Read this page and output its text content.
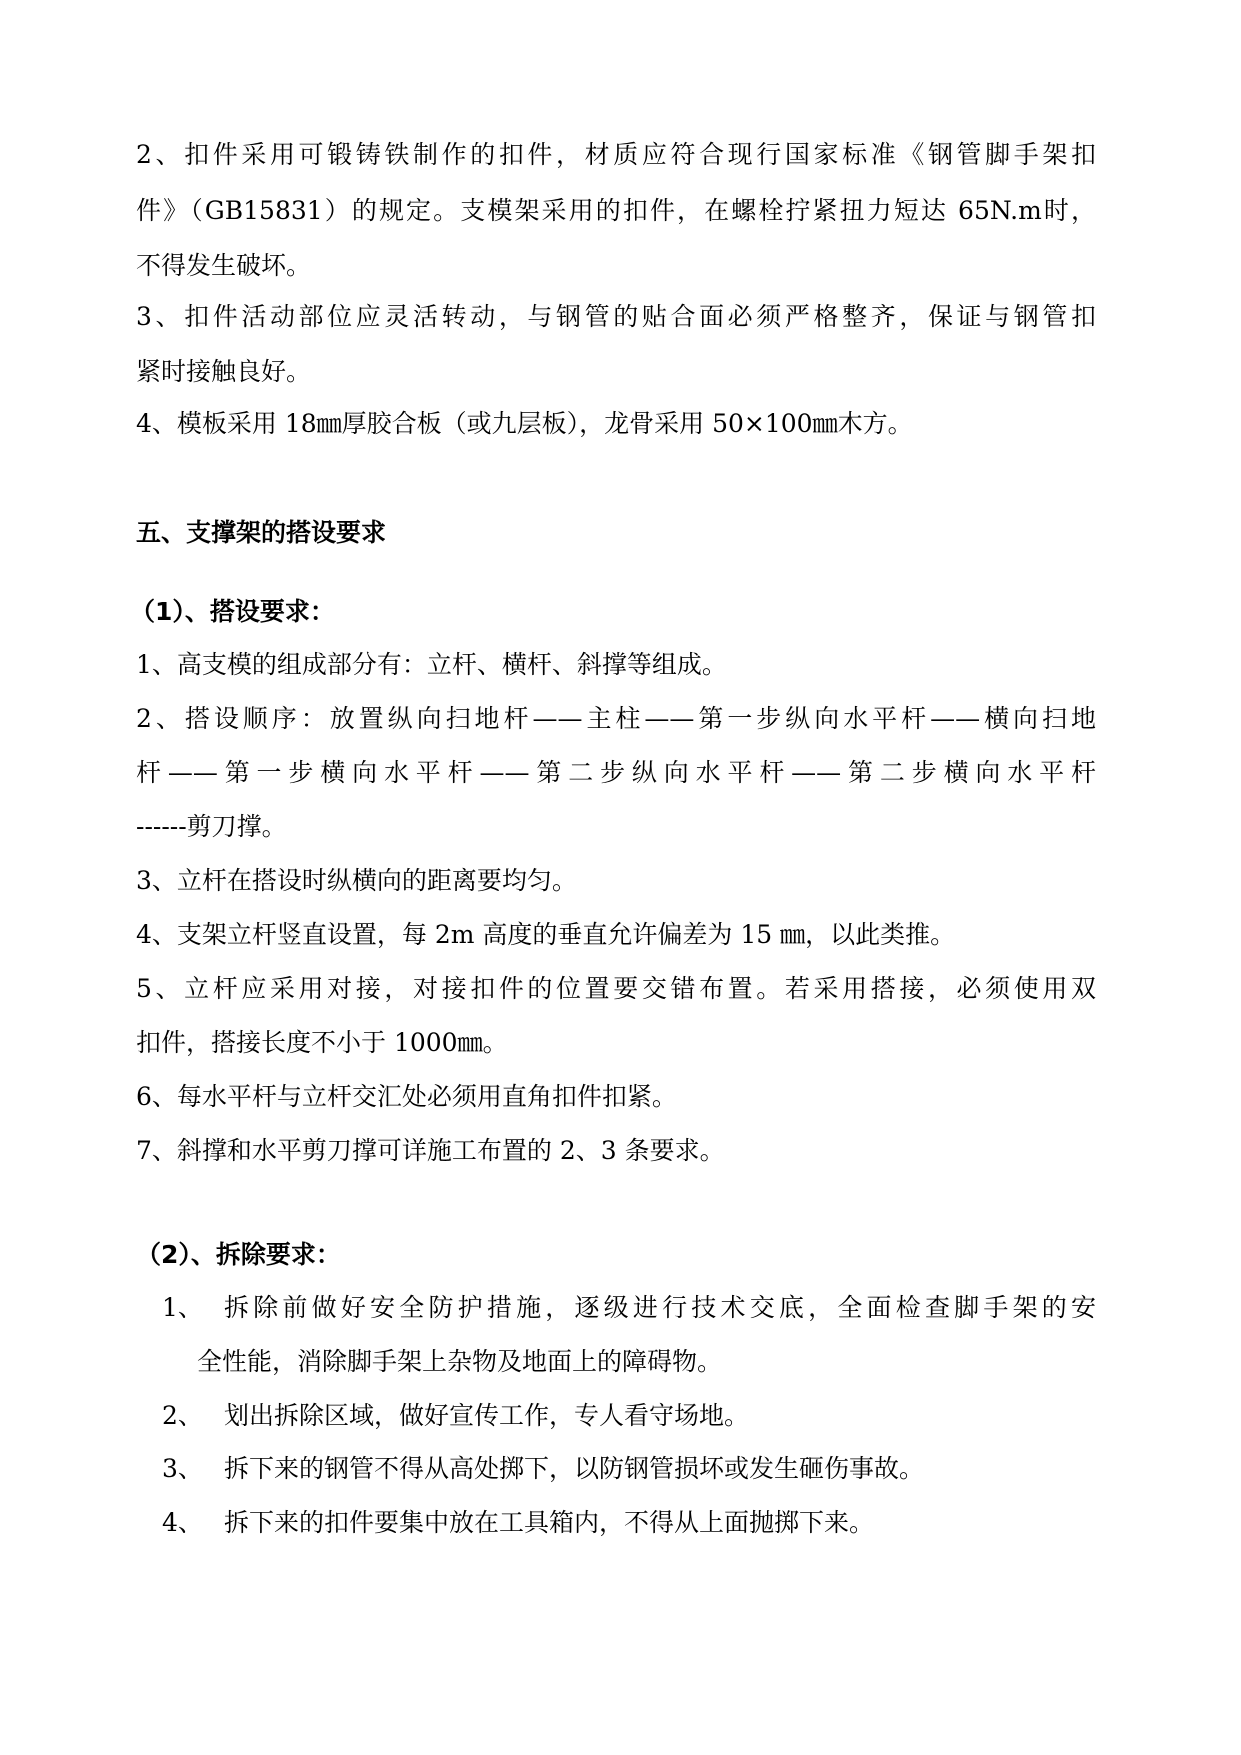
2、扣件采用可锻铸铁制作的扣件，材质应符合现行国家标准《钢管脚手架扣
件》（GB15831）的规定。支模架采用的扣件，在螺栓拧紧扭力短达 65N.m时，
不得发生破坏。
3、扣件活动部位应灵活转动，与钢管的贴合面必须严格整齐，保证与钢管扣
紧时接触良好。
4、模板采用 18㎜厚胶合板（或九层板），龙骨采用 50×100㎜木方。
五、支撑架的搭设要求
（1）、搭设要求：
1、高支模的组成部分有：立杆、横杆、斜撑等组成。
2、搭设顺序：放置纵向扫地杆——主柱——第一步纵向水平杆——横向扫地
杆——第一步横向水平杆——第二步纵向水平杆——第二步横向水平杆
------剪刀撑。
3、立杆在搭设时纵横向的距离要均匀。
4、支架立杆竖直设置，每 2m 高度的垂直允许偏差为 15 ㎜，以此类推。
5、立杆应采用对接，对接扣件的位置要交错布置。若采用搭接，必须使用双
扣件，搭接长度不小于 1000㎜。
6、每水平杆与立杆交汇处必须用直角扣件扣紧。
7、斜撑和水平剪刀撑可详施工布置的 2、3 条要求。
（2）、拆除要求：
1、 拆除前做好安全防护措施，逐级进行技术交底，全面检查脚手架的安
全性能，消除脚手架上杂物及地面上的障碍物。
2、 划出拆除区域，做好宣传工作，专人看守场地。
3、 拆下来的钢管不得从高处掷下，以防钢管损坏或发生砸伤事故。
4、 拆下来的扣件要集中放在工具箱内，不得从上面抛掷下来。
